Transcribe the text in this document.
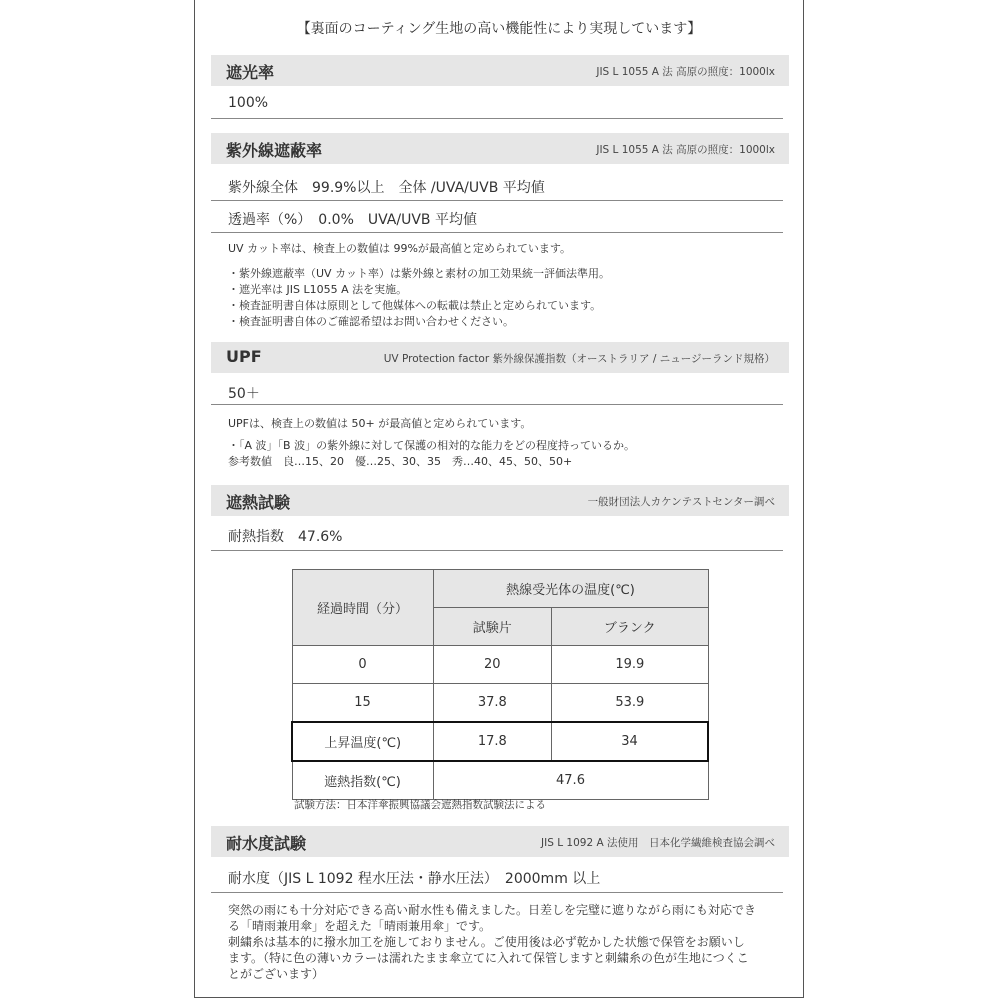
【裏面のコーティング生地の高い機能性により実現しています】
遮光率	JIS L 1055 A 法 高原の照度：1000lx
100%
紫外線遮蔽率	JIS L 1055 A 法 高原の照度：1000lx
紫外線全体　99.9%以上　全体 /UVA/UVB 平均値
透過率（%）　0.0%　UVA/UVB 平均値
UV カット率は、検査上の数値は 99%が最高値と定められています。
・紫外線遮蔽率（UV カット率）は紫外線と素材の加工効果統一評価法準用。
・遮光率は JIS L1055 A 法を実施。
・検査証明書自体は原則として他媒体への転載は禁止と定められています。
・検査証明書自体のご確認希望はお問い合わせください。
UPF	UV Protection factor 紫外線保護指数（オーストラリア / ニュージーランド規格）
50＋
UPFは、検査上の数値は 50+ が最高値と定められています。
・「A 波」「B 波」の紫外線に対して保護の相対的な能力をどの程度持っているか。
参考数値　良…15、20　優…25、30、35　秀…40、45、50、50+
遮熱試験	一般財団法人カケンテストセンター調べ
耐熱指数　47.6%
経過時間（分）	熱線受光体の温度(℃)	
	試験片	ブランク
0	20	19.9
15	37.8	53.9
上昇温度(℃)	17.8	34
遮熱指数(℃)	47.6	
試験方法：日本洋傘振興協議会遮熱指数試験法による
耐水度試験	JIS L 1092 A 法使用　日本化学繊維検査協会調べ
耐水度（JIS L 1092 程水圧法・静水圧法）　2000mm 以上
突然の雨にも十分対応できる高い耐水性も備えました。日差しを完璧に遮りながら雨にも対応でき
る「晴雨兼用傘」を超えた「晴雨兼用傘」です。
刺繍糸は基本的に撥水加工を施しておりません。ご使用後は必ず乾かした状態で保管をお願いし
ます。（特に色の薄いカラーは濡れたまま傘立てに入れて保管しますと刺繍糸の色が生地につくこ
とがございます）
